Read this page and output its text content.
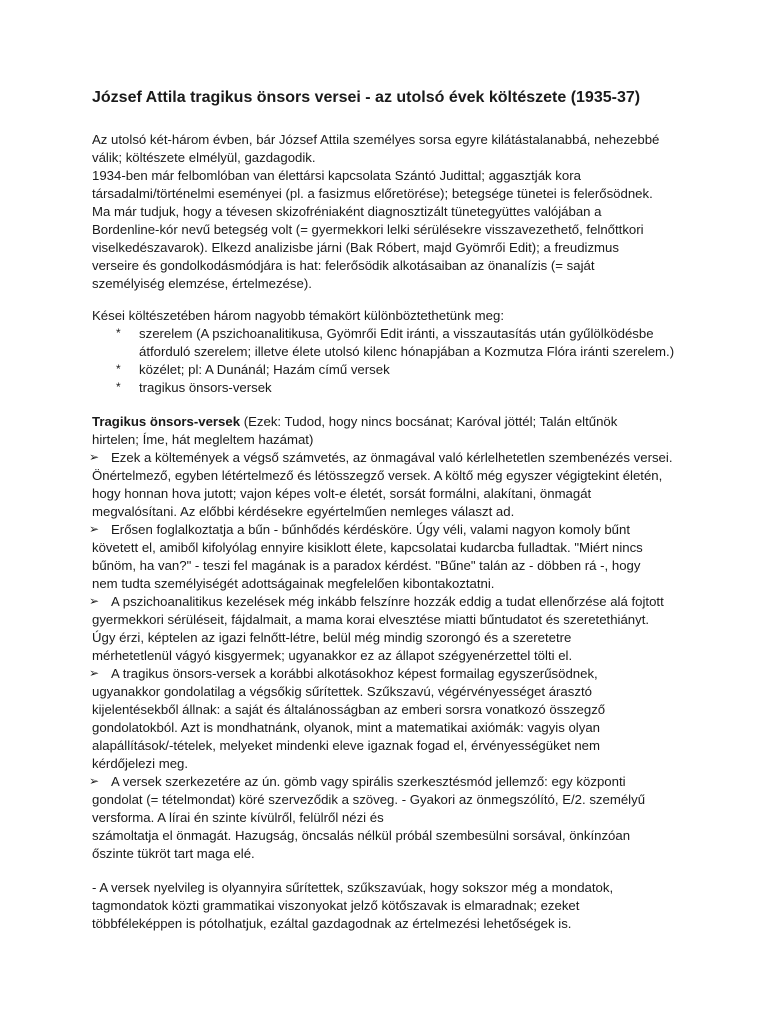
József Attila tragikus önsors versei - az utolsó évek költészete (1935-37)
Az utolsó két-három évben, bár József Attila személyes sorsa egyre kilátástalanabbá, nehezebbé
válik; költészete elmélyül, gazdagodik.
1934-ben már felbomlóban van élettársi kapcsolata Szántó Judittal; aggasztják kora
társadalmi/történelmi eseményei (pl. a fasizmus előretörése); betegsége tünetei is felerősödnek.
Ma már tudjuk, hogy a tévesen skizofréniaként diagnosztizált tünetegyüttes valójában a
Bordenline-kór nevű betegség volt (= gyermekkori lelki sérülésekre visszavezethető, felnőttkori
viselkedészavarok). Elkezd analizisbe járni (Bak Róbert, majd Gyömrői Edit); a freudizmus
verseire és gondolkodásmódjára is hat: felerősödik alkotásaiban az önanalízis (= saját
személyiség elemzése, értelmezése).
Kései költészetében három nagyobb témakört különböztethetünk meg:
* szerelem (A pszichoanalitikusa, Gyömrői Edit iránti, a visszautasítás után gyűlölködésbe
átforduló szerelem; illetve élete utolsó kilenc hónapjában a Kozmutza Flóra iránti szerelem.)
* közélet; pl: A Dunánál; Hazám című versek
* tragikus önsors-versek
Tragikus önsors-versek (Ezek: Tudod, hogy nincs bocsánat; Karóval jöttél; Talán eltűnök
hirtelen; Íme, hát megleltem hazámat)
➢ Ezek a költemények a végső számvetés, az önmagával való kérlelhetetlen szembenézés versei.
Önértelmező, egyben létértelmező és létösszegző versek. A költő még egyszer végigtekint életén,
hogy honnan hova jutott; vajon képes volt-e életét, sorsát formálni, alakítani, önmagát
megvalósítani. Az előbbi kérdésekre egyértelműen nemleges választ ad.
➢ Erősen foglalkoztatja a bűn - bűnhődés kérdésköre. Úgy véli, valami nagyon komoly bűnt
követett el, amiből kifolyólag ennyire kisiklott élete, kapcsolatai kudarcba fulladtak. "Miért nincs
bűnöm, ha van?" - teszi fel magának is a paradox kérdést. "Bűne" talán az - döbben rá -, hogy
nem tudta személyiségét adottságainak megfelelően kibontakoztatni.
➢ A pszichoanalitikus kezelések még inkább felszínre hozzák eddig a tudat ellenőrzése alá fojtott
gyermekkori sérüléseit, fájdalmait, a mama korai elvesztése miatti bűntudatot és szeretethiányt.
Úgy érzi, képtelen az igazi felnőtt-létre, belül még mindig szorongó és a szeretetre
mérhetetlenül vágyó kisgyermek; ugyanakkor ez az állapot szégyenérzettel tölti el.
➢ A tragikus önsors-versek a korábbi alkotásokhoz képest formailag egyszerűsödnek,
ugyanakkor gondolatilag a végsőkig sűrítettek. Szűkszavú, végérvényességet árasztó
kijelentésekből állnak: a saját és általánosságban az emberi sorsra vonatkozó összegző
gondolatokból. Azt is mondhatnánk, olyanok, mint a matematikai axiómák: vagyis olyan
alapállítások/-tételek, melyeket mindenki eleve igaznak fogad el, érvényességüket nem
kérdőjelezi meg.
➢ A versek szerkezetére az ún. gömb vagy spirális szerkesztésmód jellemző: egy központi
gondolat (= tételmondat) köré szerveződik a szöveg. - Gyakori az önmegszólító, E/2. személyű
versforma. A lírai én szinte kívülről, felülről nézi és
számoltatja el önmagát. Hazugság, öncsalás nélkül próbál szembesülni sorsával, önkínzóan
őszinte tükröt tart maga elé.
- A versek nyelvileg is olyannyira sűrítettek, szűkszavúak, hogy sokszor még a mondatok,
tagmondatok közti grammatikai viszonyokat jelző kötőszavak is elmaradnak; ezeket
többféleképpen is pótolhatjuk, ezáltal gazdagodnak az értelmezési lehetőségek is.
